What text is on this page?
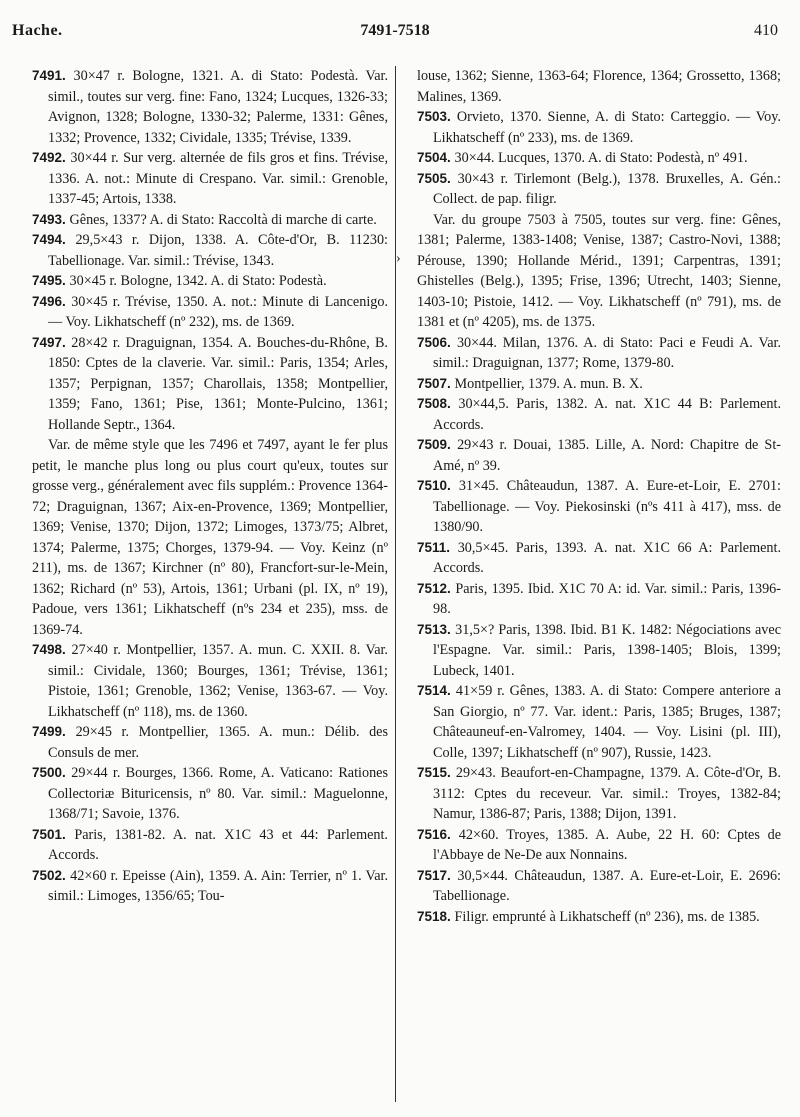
Hache.	7491-7518	410
›

7491. 30×47 r. Bologne, 1321. A. di Stato: Podestà. Var. simil., toutes sur verg. fine: Fano, 1324; Lucques, 1326-33; Avignon, 1328; Bologne, 1330-32; Palerme, 1331: Gênes, 1332; Provence, 1332; Cividale, 1335; Trévise, 1339.

7492. 30×44 r. Sur verg. alternée de fils gros et fins. Trévise, 1336. A. not.: Minute di Crespano. Var. simil.: Grenoble, 1337-45; Artois, 1338.

7493. Gênes, 1337? A. di Stato: Raccoltà di marche di carte.

7494. 29,5×43 r. Dijon, 1338. A. Côte-d'Or, B. 11230: Tabellionage. Var. simil.: Trévise, 1343.

7495. 30×45 r. Bologne, 1342. A. di Stato: Podestà.

7496. 30×45 r. Trévise, 1350. A. not.: Minute di Lancenigo. — Voy. Likhatscheff (nº 232), ms. de 1369.

7497. 28×42 r. Draguignan, 1354. A. Bouches-du-Rhône, B. 1850: Cptes de la claverie. Var. simil.: Paris, 1354; Arles, 1357; Perpignan, 1357; Charollais, 1358; Montpellier, 1359; Fano, 1361; Pise, 1361; Monte-Pulcino, 1361; Hollande Septr., 1364.

Var. de même style que les 7496 et 7497, ayant le fer plus petit, le manche plus long ou plus court qu'eux, toutes sur grosse verg., généralement avec fils supplém.: Provence 1364-72; Draguignan, 1367; Aix-en-Provence, 1369; Montpellier, 1369; Venise, 1370; Dijon, 1372; Limoges, 1373/75; Albret, 1374; Palerme, 1375; Chorges, 1379-94. — Voy. Keinz (nº 211), ms. de 1367; Kirchner (nº 80), Francfort-sur-le-Mein, 1362; Richard (nº 53), Artois, 1361; Urbani (pl. IX, nº 19), Padoue, vers 1361; Likhatscheff (nºs 234 et 235), mss. de 1369-74.

7498. 27×40 r. Montpellier, 1357. A. mun. C. XXII. 8. Var. simil.: Cividale, 1360; Bourges, 1361; Trévise, 1361; Pistoie, 1361; Grenoble, 1362; Venise, 1363-67. — Voy. Likhatscheff (nº 118), ms. de 1360.

7499. 29×45 r. Montpellier, 1365. A. mun.: Délib. des Consuls de mer.

7500. 29×44 r. Bourges, 1366. Rome, A. Vaticano: Rationes Collectoriæ Bituricensis, nº 80. Var. simil.: Maguelonne, 1368/71; Savoie, 1376.

7501. Paris, 1381-82. A. nat. X1C 43 et 44: Parlement. Accords.

7502. 42×60 r. Epeisse (Ain), 1359. A. Ain: Terrier, nº 1. Var. simil.: Limoges, 1356/65; Tou-

louse, 1362; Sienne, 1363-64; Florence, 1364; Grossetto, 1368; Malines, 1369.

7503. Orvieto, 1370. Sienne, A. di Stato: Carteggio. — Voy. Likhatscheff (nº 233), ms. de 1369.

7504. 30×44. Lucques, 1370. A. di Stato: Podestà, nº 491.

7505. 30×43 r. Tirlemont (Belg.), 1378. Bruxelles, A. Gén.: Collect. de pap. filigr.

Var. du groupe 7503 à 7505, toutes sur verg. fine: Gênes, 1381; Palerme, 1383-1408; Venise, 1387; Castro-Novi, 1388; Pérouse, 1390; Hollande Mérid., 1391; Carpentras, 1391; Ghistelles (Belg.), 1395; Frise, 1396; Utrecht, 1403; Sienne, 1403-10; Pistoie, 1412. — Voy. Likhatscheff (nº 791), ms. de 1381 et (nº 4205), ms. de 1375.

7506. 30×44. Milan, 1376. A. di Stato: Paci e Feudi A. Var. simil.: Draguignan, 1377; Rome, 1379-80.

7507. Montpellier, 1379. A. mun. B. X.

7508. 30×44,5. Paris, 1382. A. nat. X1C 44 B: Parlement. Accords.

7509. 29×43 r. Douai, 1385. Lille, A. Nord: Chapitre de St-Amé, nº 39.

7510. 31×45. Châteaudun, 1387. A. Eure-et-Loir, E. 2701: Tabellionage. — Voy. Piekosinski (nºs 411 à 417), mss. de 1380/90.

7511. 30,5×45. Paris, 1393. A. nat. X1C 66 A: Parlement. Accords.

7512. Paris, 1395. Ibid. X1C 70 A: id. Var. simil.: Paris, 1396-98.

7513. 31,5×? Paris, 1398. Ibid. B1 K. 1482: Négociations avec l'Espagne. Var. simil.: Paris, 1398-1405; Blois, 1399; Lubeck, 1401.

7514. 41×59 r. Gênes, 1383. A. di Stato: Compere anteriore a San Giorgio, nº 77. Var. ident.: Paris, 1385; Bruges, 1387; Châteauneuf-en-Valromey, 1404. — Voy. Lisini (pl. III), Colle, 1397; Likhatscheff (nº 907), Russie, 1423.

7515. 29×43. Beaufort-en-Champagne, 1379. A. Côte-d'Or, B. 3112: Cptes du receveur. Var. simil.: Troyes, 1382-84; Namur, 1386-87; Paris, 1388; Dijon, 1391.

7516. 42×60. Troyes, 1385. A. Aube, 22 H. 60: Cptes de l'Abbaye de Ne-De aux Nonnains.

7517. 30,5×44. Châteaudun, 1387. A. Eure-et-Loir, E. 2696: Tabellionage.

7518. Filigr. emprunté à Likhatscheff (nº 236), ms. de 1385.
